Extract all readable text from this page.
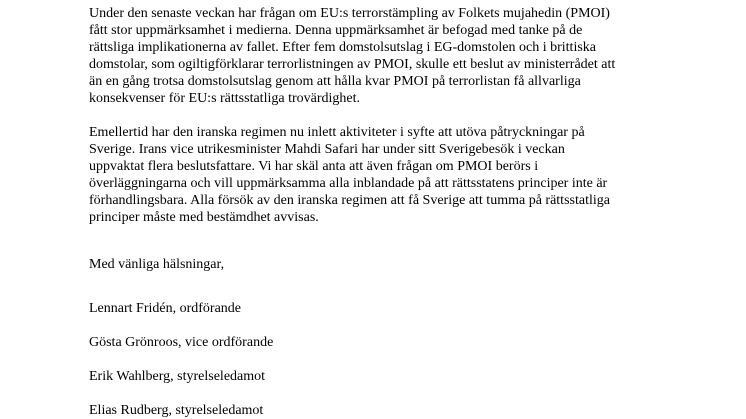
Under den senaste veckan har frågan om EU:s terrorstämpling av Folkets mujahedin (PMOI)
fått stor uppmärksamhet i medierna. Denna uppmärksamhet är befogad med tanke på de
rättsliga implikationerna av fallet. Efter fem domstolsutslag i EG-domstolen och i brittiska
domstolar, som ogiltigförklarar terrorlistningen av PMOI, skulle ett beslut av ministerrådet att
än en gång trotsa domstolsutslag genom att hålla kvar PMOI på terrorlistan få allvarliga
konsekvenser för EU:s rättsstatliga trovärdighet.

Emellertid har den iranska regimen nu inlett aktiviteter i syfte att utöva påtryckningar på
Sverige. Irans vice utrikesminister Mahdi Safari har under sitt Sverigebesök i veckan
uppvaktat flera beslutsfattare. Vi har skäl anta att även frågan om PMOI berörs i
överläggningarna och vill uppmärksamma alla inblandade på att rättsstatens principer inte är
förhandlingsbara. Alla försök av den iranska regimen att få Sverige att tumma på rättsstatliga
principer måste med bestämdhet avvisas.

Med vänliga hälsningar,

Lennart Fridén, ordförande

Gösta Grönroos, vice ordförande

Erik Wahlberg, styrelseledamot

Elias Rudberg, styrelseledamot
